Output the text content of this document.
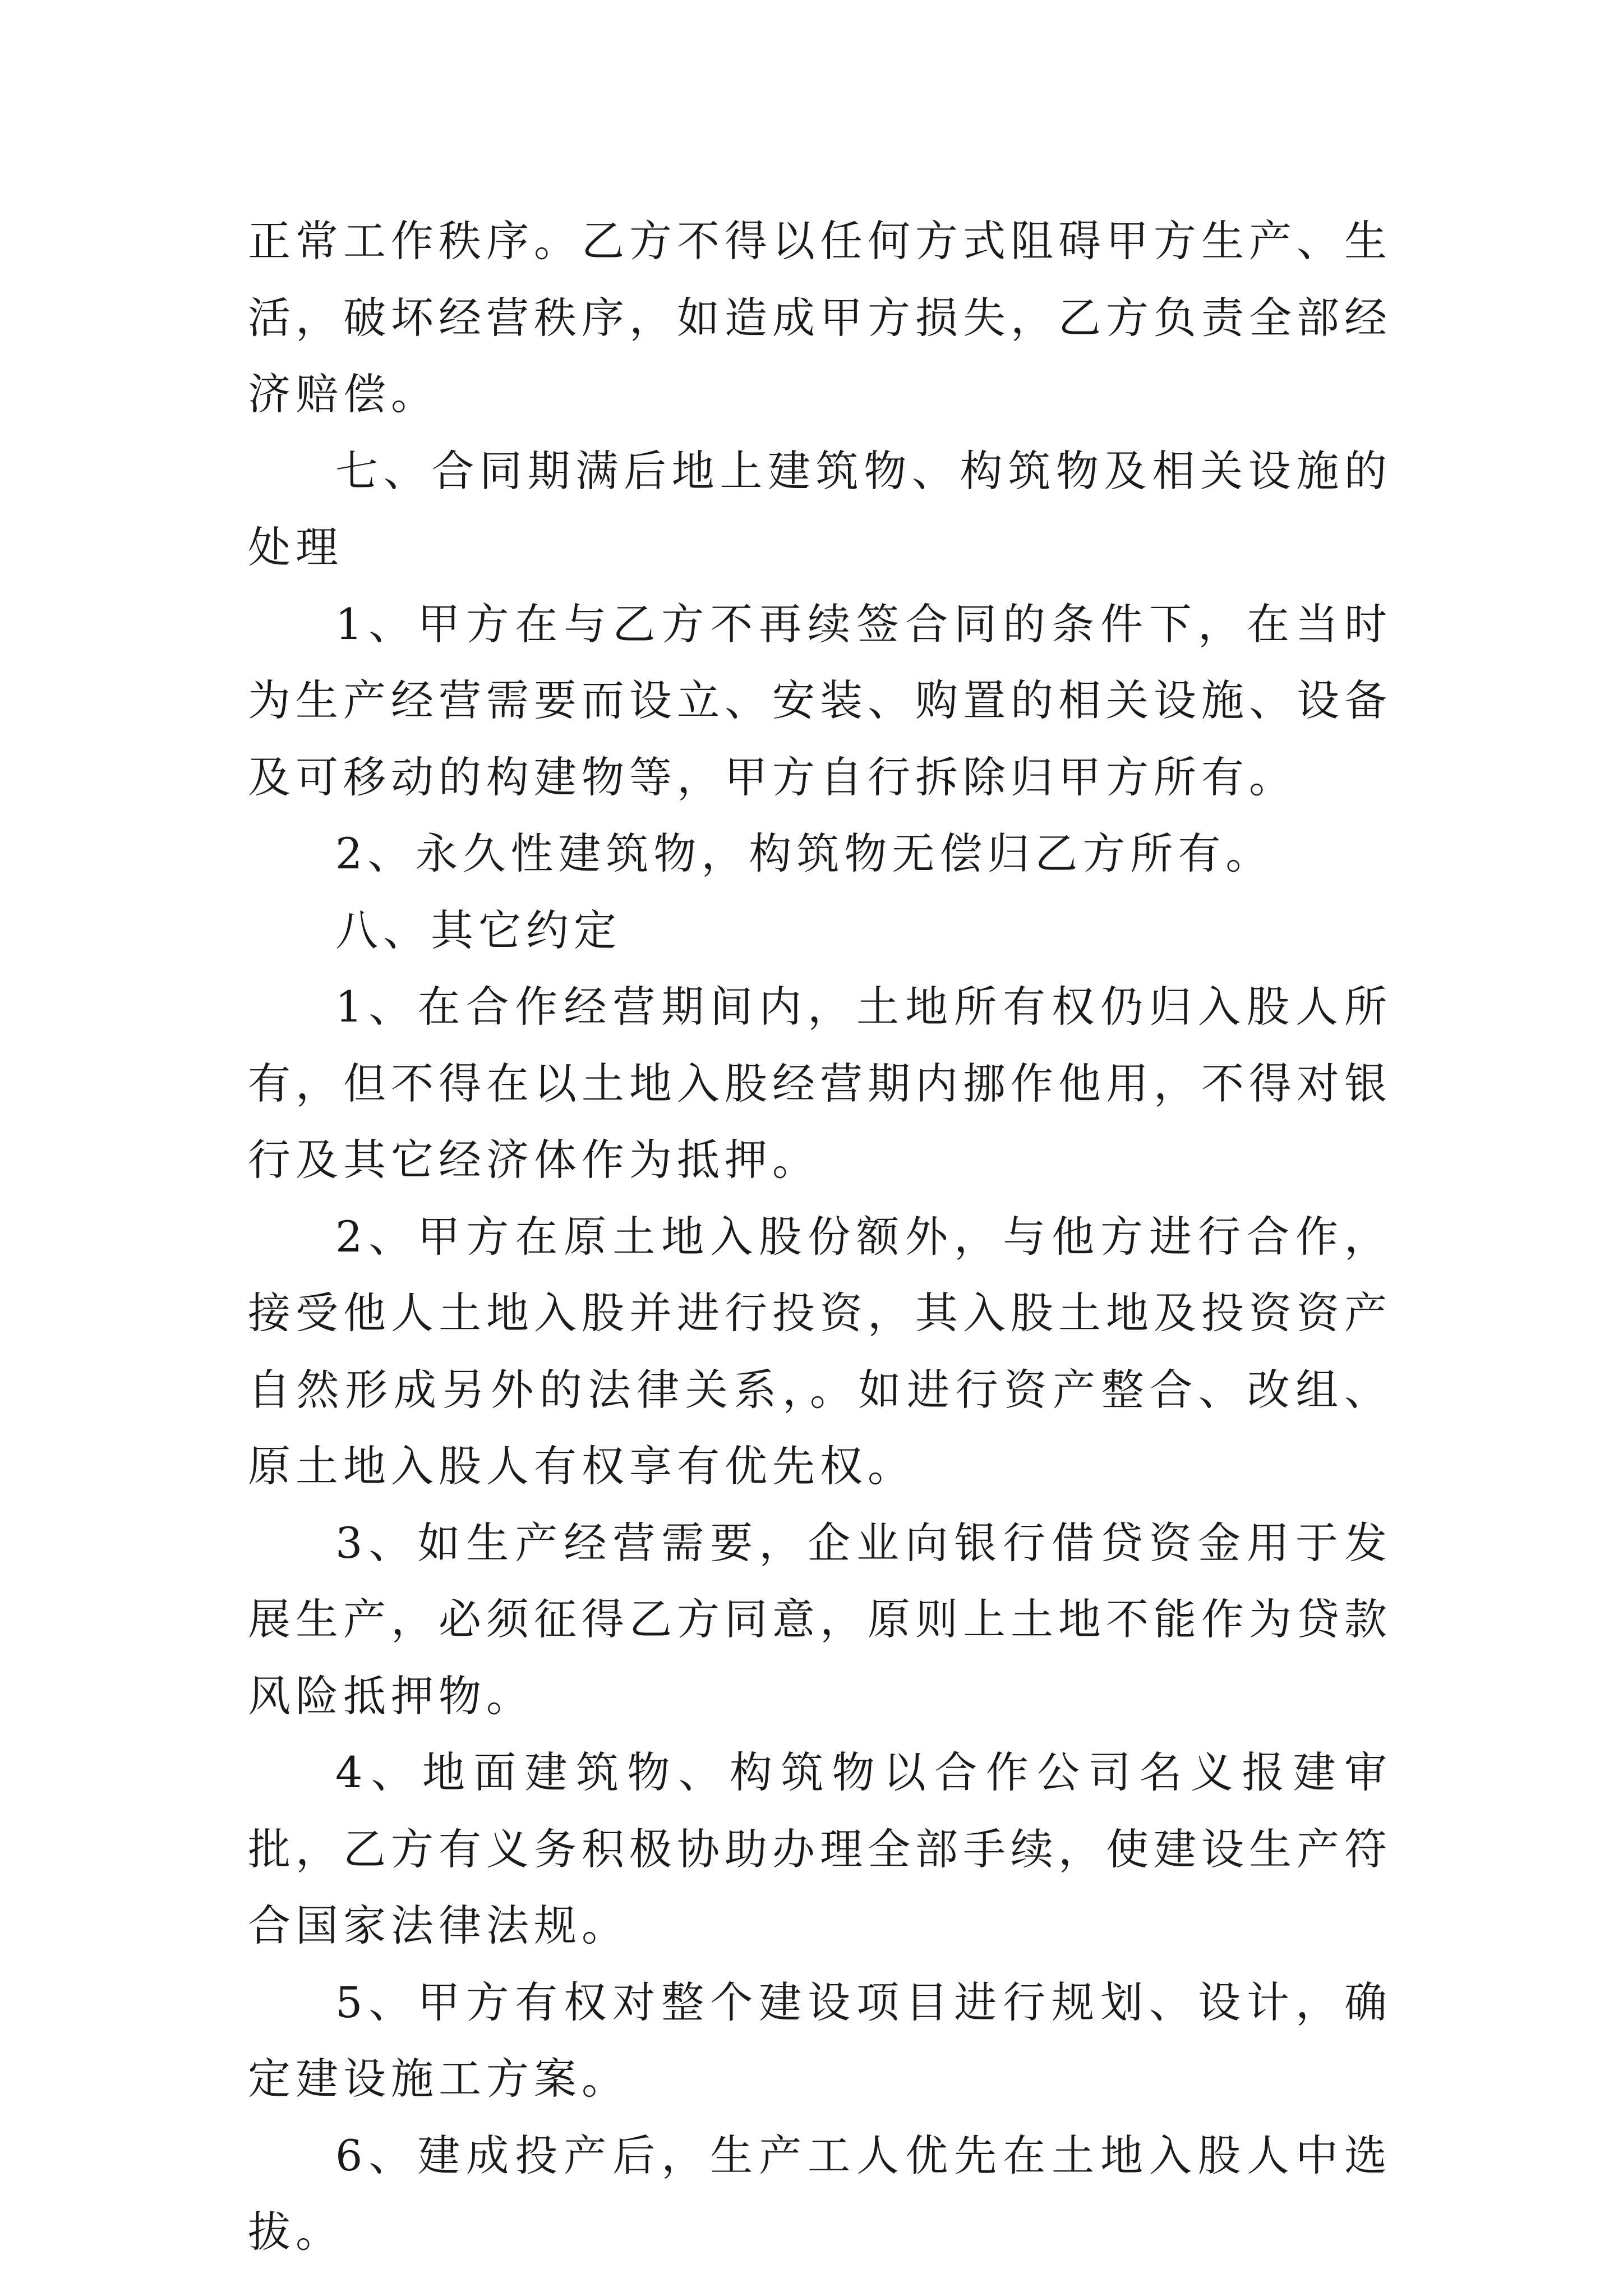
正常工作秩序。乙方不得以任何方式阻碍甲方生产、生活，破坏经营秩序，如造成甲方损失，乙方负责全部经济赔偿。

七、合同期满后地上建筑物、构筑物及相关设施的处理

1、甲方在与乙方不再续签合同的条件下，在当时为生产经营需要而设立、安装、购置的相关设施、设备及可移动的构建物等，甲方自行拆除归甲方所有。

2、永久性建筑物，构筑物无偿归乙方所有。

八、其它约定

1、在合作经营期间内，土地所有权仍归入股人所有，但不得在以土地入股经营期内挪作他用，不得对银行及其它经济体作为抵押。

2、甲方在原土地入股份额外，与他方进行合作，接受他人土地入股并进行投资，其入股土地及投资资产自然形成另外的法律关系，。如进行资产整合、改组、原土地入股人有权享有优先权。

3、如生产经营需要，企业向银行借贷资金用于发展生产，必须征得乙方同意，原则上土地不能作为贷款风险抵押物。

4、地面建筑物、构筑物以合作公司名义报建审批，乙方有义务积极协助办理全部手续，使建设生产符合国家法律法规。

5、甲方有权对整个建设项目进行规划、设计，确定建设施工方案。

6、建成投产后，生产工人优先在土地入股人中选拔。
